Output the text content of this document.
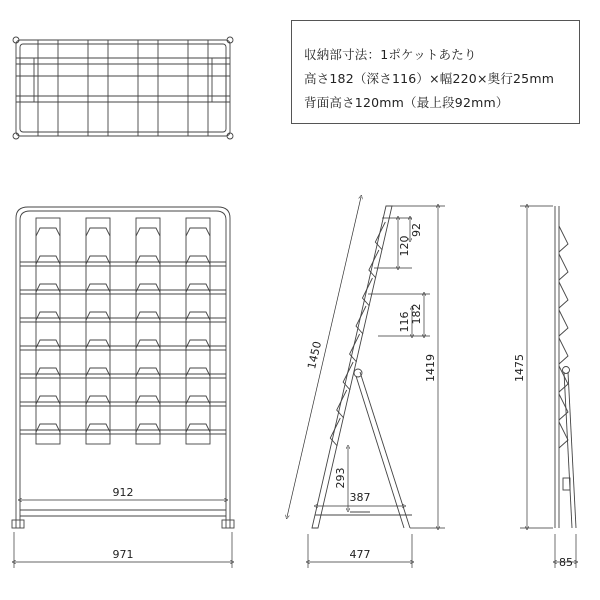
912
971
1450	1419
120
92
116 182
293
387
477
1475
85
収納部寸法：1ポケットあたり
高さ182（深さ116）×幅220×奥行25mm
背面高さ120mm（最上段92mm）
